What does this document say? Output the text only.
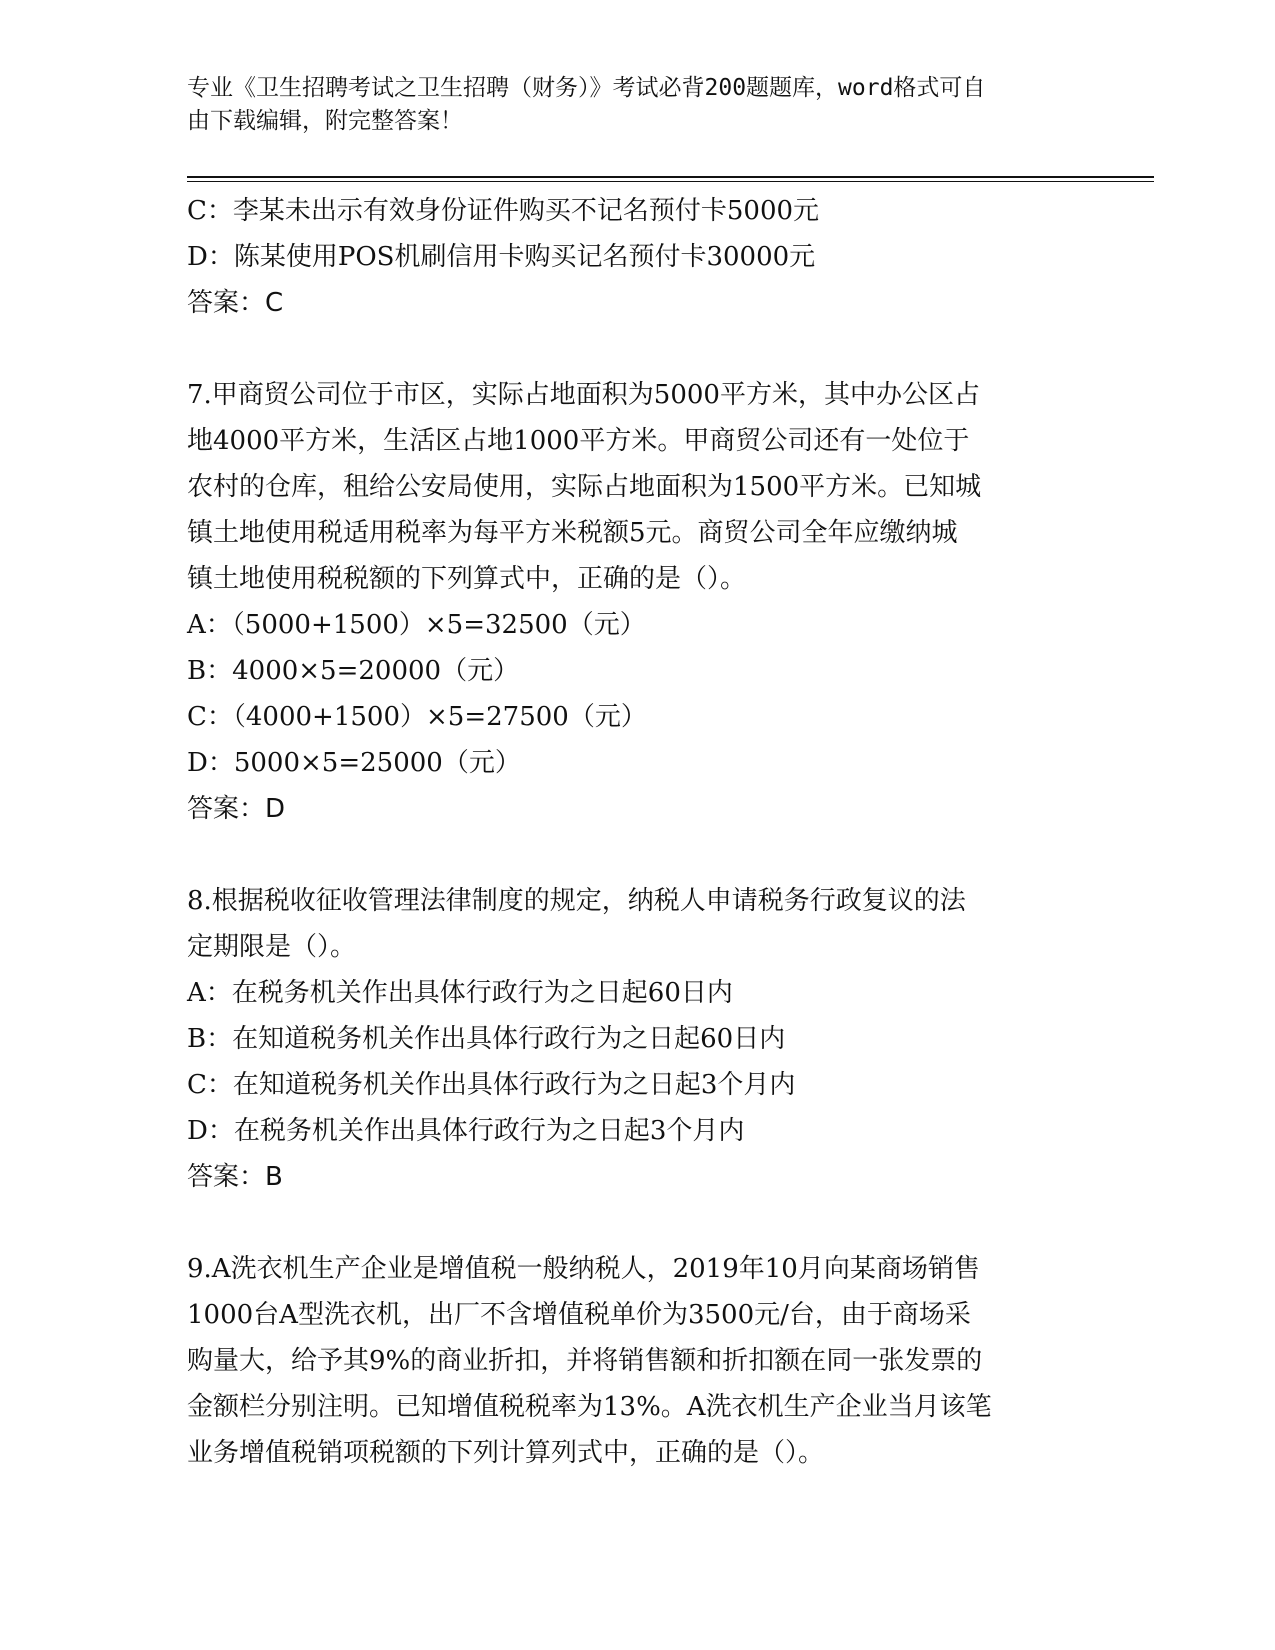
专业《卫生招聘考试之卫生招聘（财务）》考试必背200题题库，word格式可自
由下载编辑，附完整答案！
C：李某未出示有效身份证件购买不记名预付卡5000元
D：陈某使用POS机刷信用卡购买记名预付卡30000元
答案：C
7.甲商贸公司位于市区，实际占地面积为5000平方米，其中办公区占
地4000平方米，生活区占地1000平方米。甲商贸公司还有一处位于
农村的仓库，租给公安局使用，实际占地面积为1500平方米。已知城
镇土地使用税适用税率为每平方米税额5元。商贸公司全年应缴纳城
镇土地使用税税额的下列算式中，正确的是（）。
A：（5000+1500）×5=32500（元）
B：4000×5=20000（元）
C：（4000+1500）×5=27500（元）
D：5000×5=25000（元）
答案：D
8.根据税收征收管理法律制度的规定，纳税人申请税务行政复议的法
定期限是（）。
A：在税务机关作出具体行政行为之日起60日内
B：在知道税务机关作出具体行政行为之日起60日内
C：在知道税务机关作出具体行政行为之日起3个月内
D：在税务机关作出具体行政行为之日起3个月内
答案：B
9.A洗衣机生产企业是增值税一般纳税人，2019年10月向某商场销售
1000台A型洗衣机，出厂不含增值税单价为3500元/台，由于商场采
购量大，给予其9%的商业折扣，并将销售额和折扣额在同一张发票的
金额栏分别注明。已知增值税税率为13%。A洗衣机生产企业当月该笔
业务增值税销项税额的下列计算列式中，正确的是（）。
